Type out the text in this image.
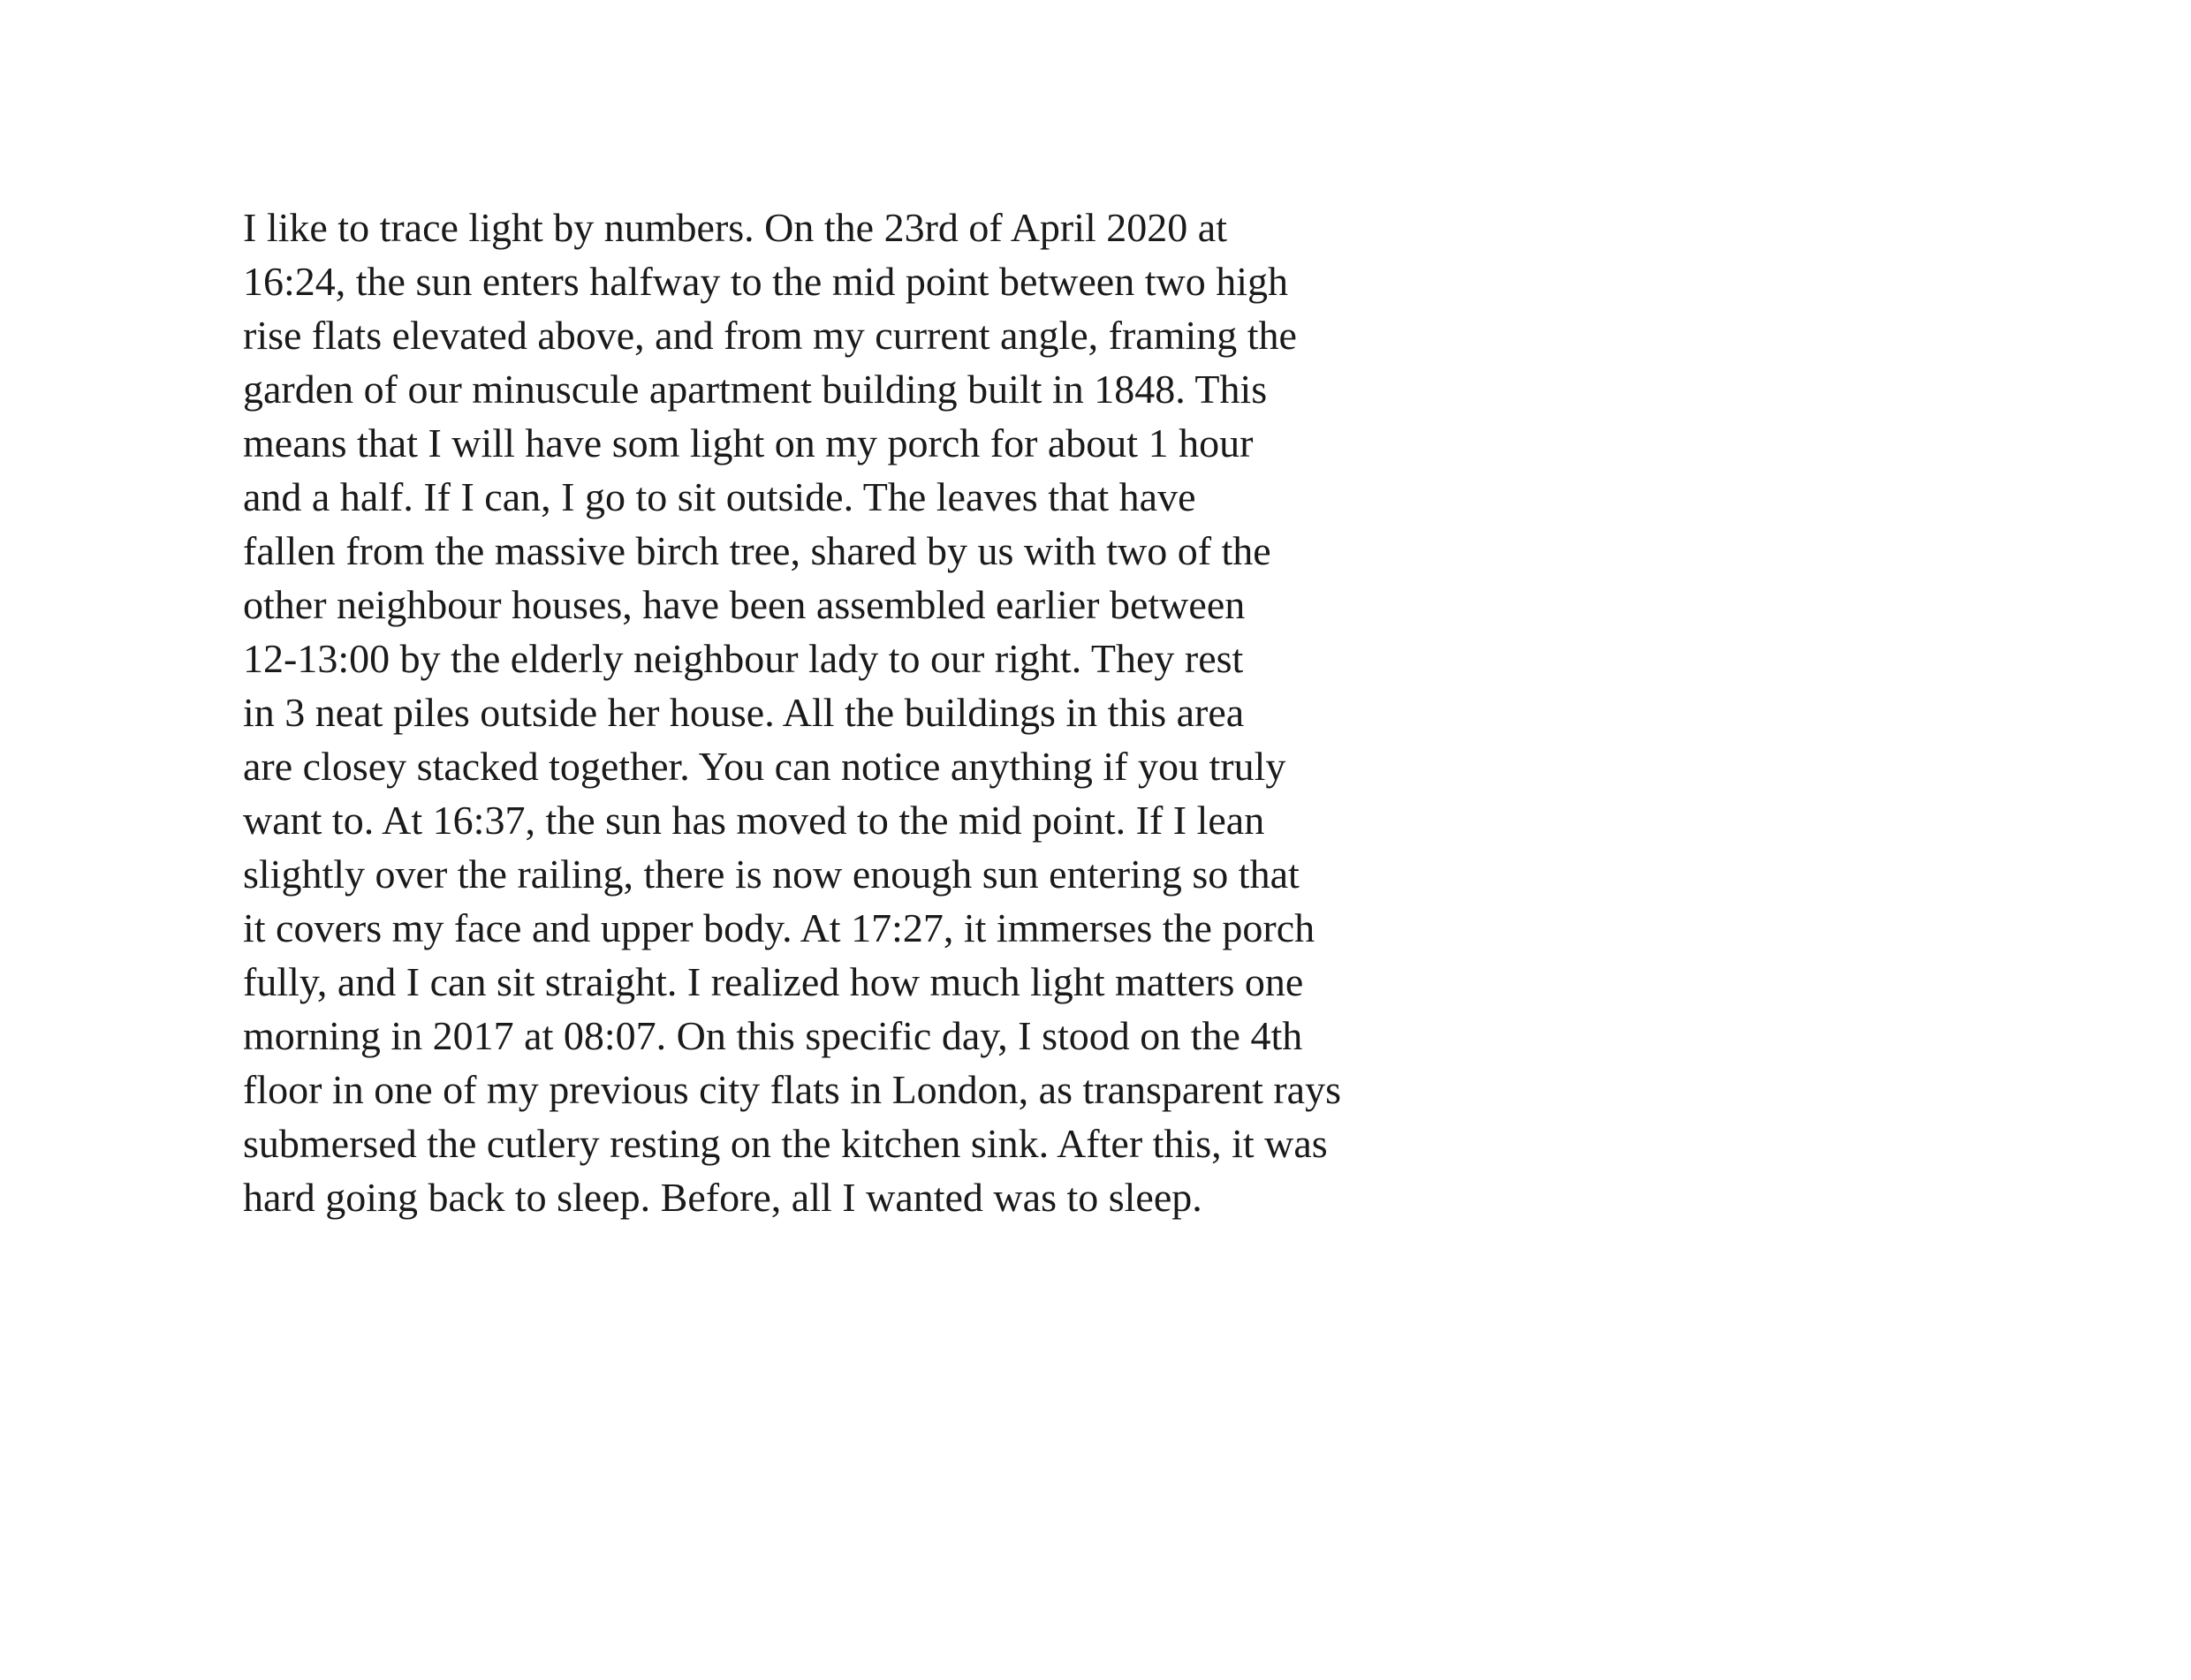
I like to trace light by numbers. On the 23rd of April 2020 at
16:24, the sun enters halfway to the mid point between two high
rise flats elevated above, and from my current angle, framing the
garden of our minuscule apartment building built in 1848. This
means that I will have som light on my porch for about 1 hour
and a half. If I can, I go to sit outside. The leaves that have
fallen from the massive birch tree, shared by us with two of the
other neighbour houses, have been assembled earlier between
12-13:00 by the elderly neighbour lady to our right. They rest
in 3 neat piles outside her house. All the buildings in this area
are closey stacked together. You can notice anything if you truly
want to. At 16:37, the sun has moved to the mid point. If I lean
slightly over the railing, there is now enough sun entering so that
it covers my face and upper body. At 17:27, it immerses the porch
fully, and I can sit straight. I realized how much light matters one
morning in 2017 at 08:07. On this specific day, I stood on the 4th
floor in one of my previous city flats in London, as transparent rays
submersed the cutlery resting on the kitchen sink. After this, it was
hard going back to sleep. Before, all I wanted was to sleep.
